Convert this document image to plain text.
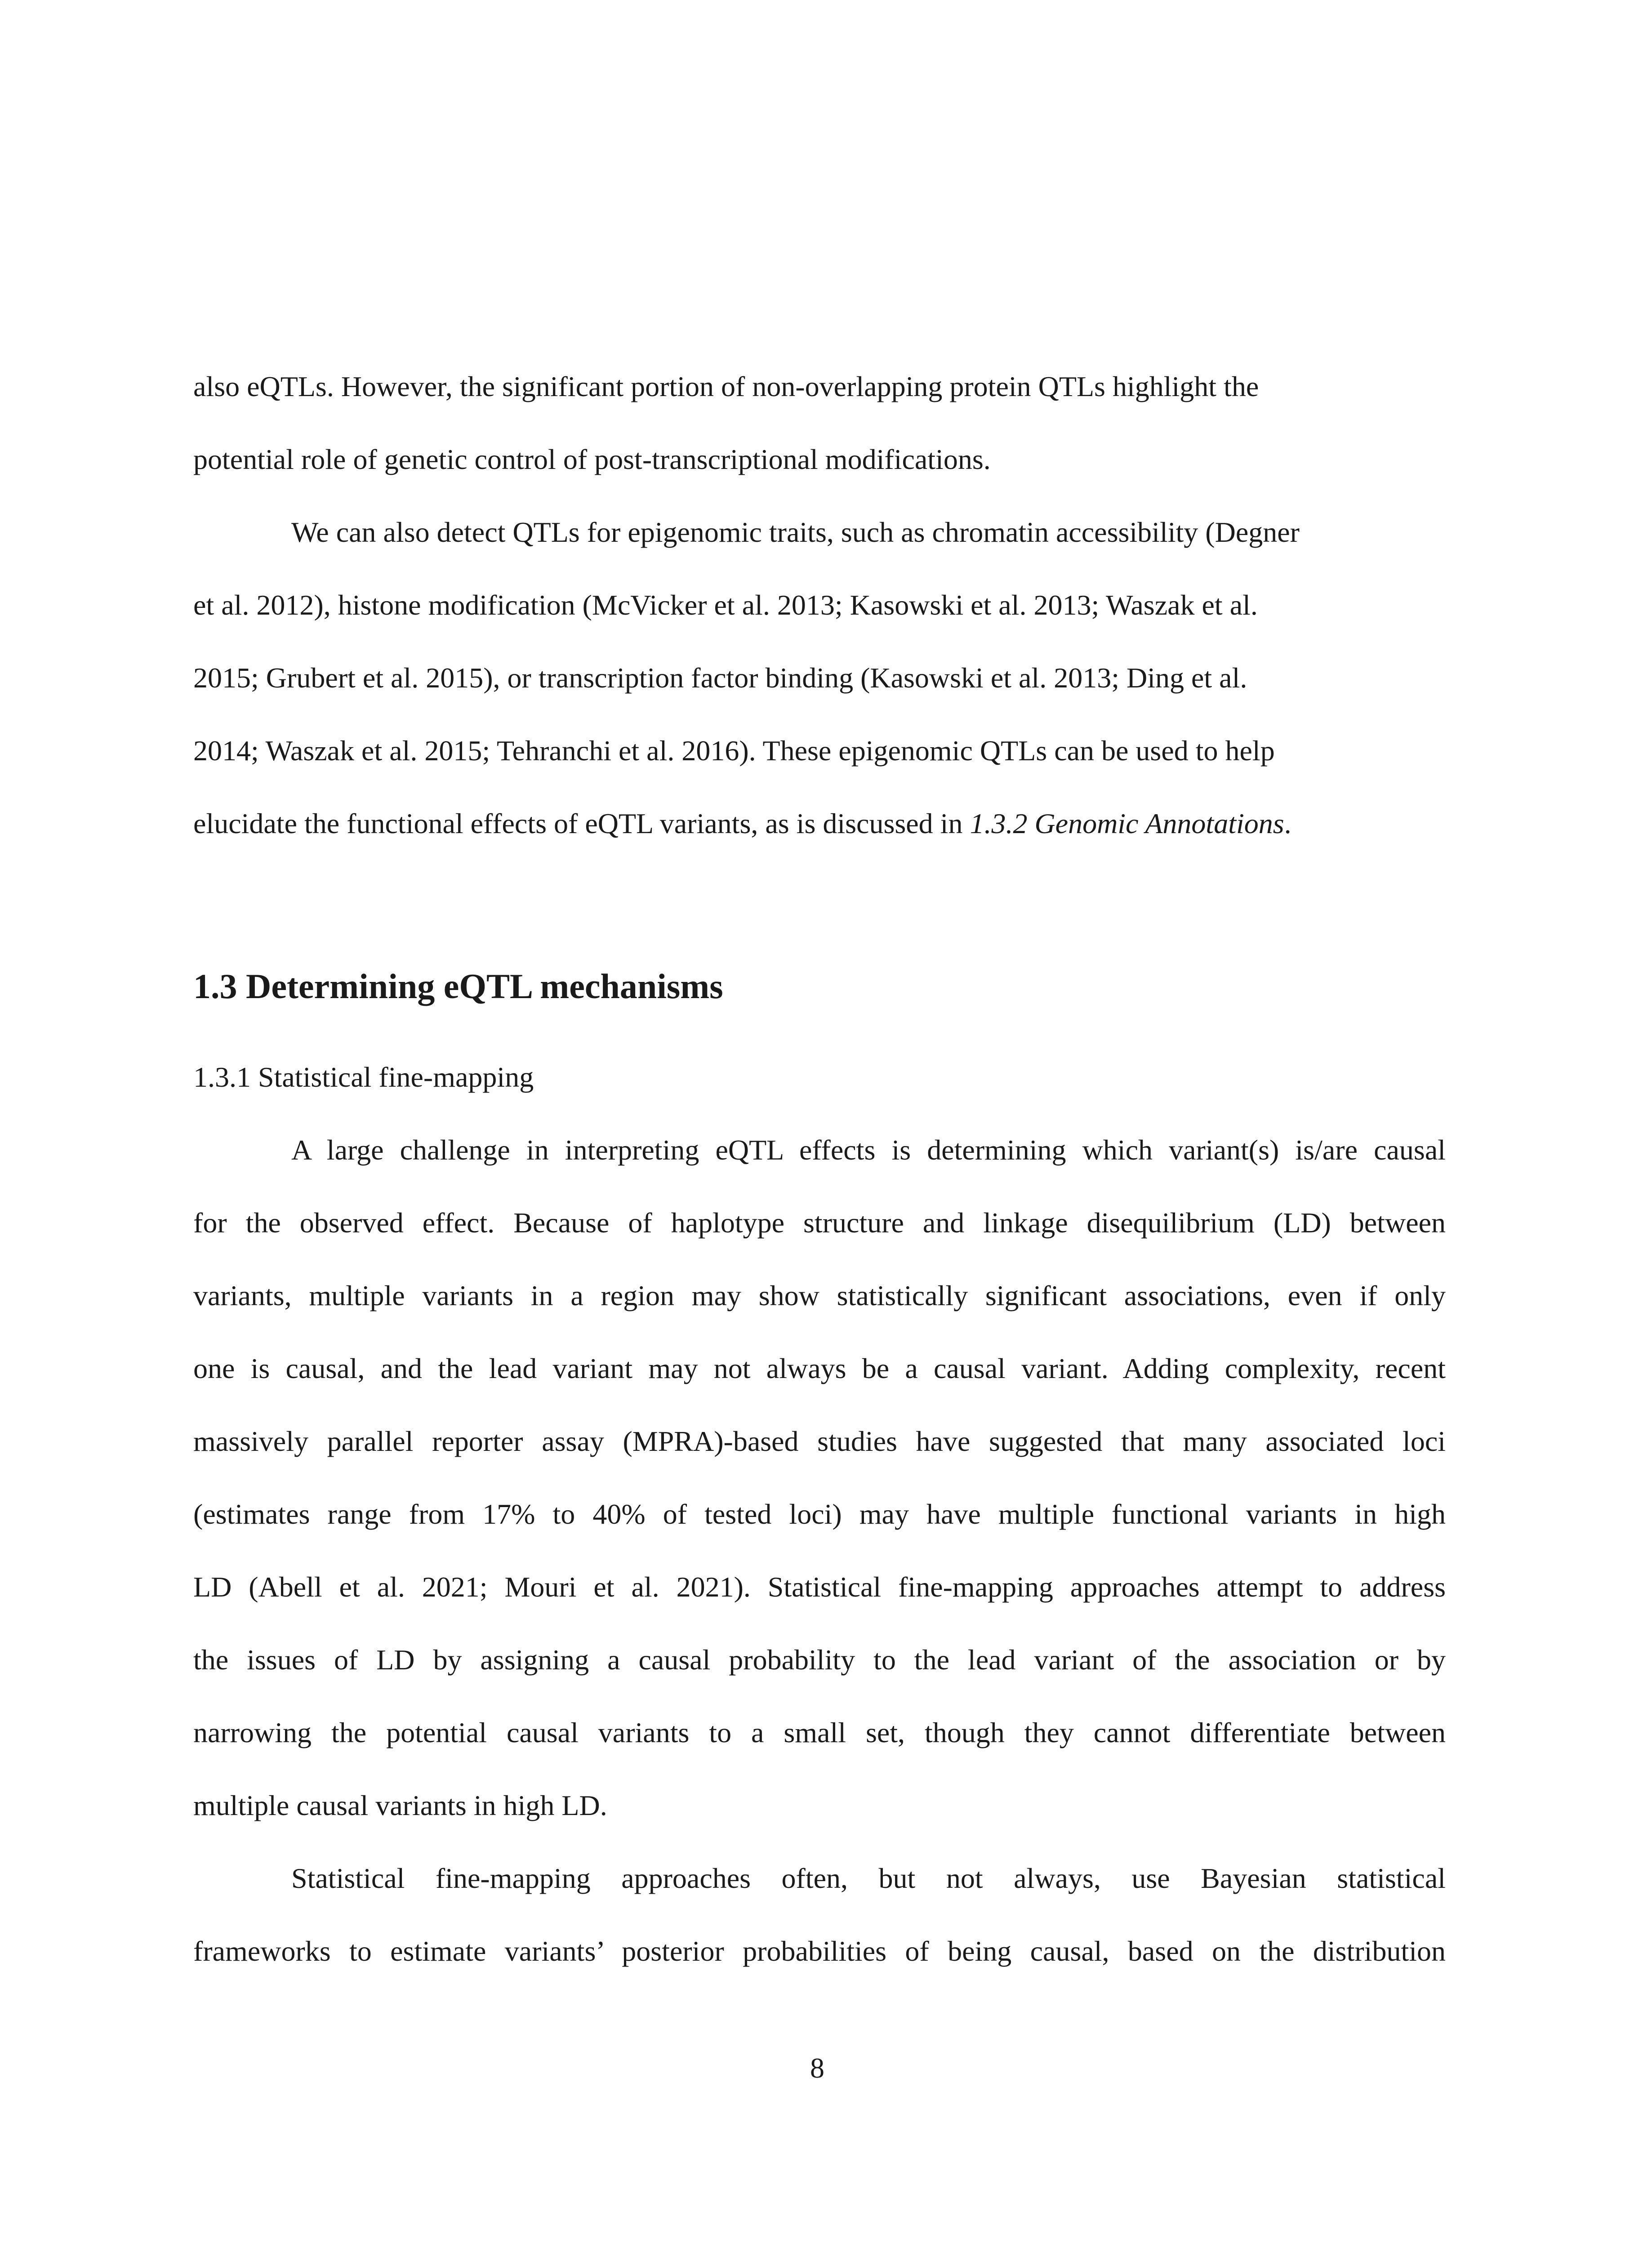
also eQTLs. However, the significant portion of non-overlapping protein QTLs highlight the
potential role of genetic control of post-transcriptional modifications.
We can also detect QTLs for epigenomic traits, such as chromatin accessibility (Degner
et al. 2012), histone modification (McVicker et al. 2013; Kasowski et al. 2013; Waszak et al.
2015; Grubert et al. 2015), or transcription factor binding (Kasowski et al. 2013; Ding et al.
2014; Waszak et al. 2015; Tehranchi et al. 2016). These epigenomic QTLs can be used to help
elucidate the functional effects of eQTL variants, as is discussed in 1.3.2 Genomic Annotations.
1.3 Determining eQTL mechanisms
1.3.1 Statistical fine-mapping
A large challenge in interpreting eQTL effects is determining which variant(s) is/are causal
for the observed effect. Because of haplotype structure and linkage disequilibrium (LD) between
variants, multiple variants in a region may show statistically significant associations, even if only
one is causal, and the lead variant may not always be a causal variant. Adding complexity, recent
massively parallel reporter assay (MPRA)-based studies have suggested that many associated loci
(estimates range from 17% to 40% of tested loci) may have multiple functional variants in high
LD (Abell et al. 2021; Mouri et al. 2021). Statistical fine-mapping approaches attempt to address
the issues of LD by assigning a causal probability to the lead variant of the association or by
narrowing the potential causal variants to a small set, though they cannot differentiate between
multiple causal variants in high LD.
Statistical fine-mapping approaches often, but not always, use Bayesian statistical
frameworks to estimate variants’ posterior probabilities of being causal, based on the distribution
8
